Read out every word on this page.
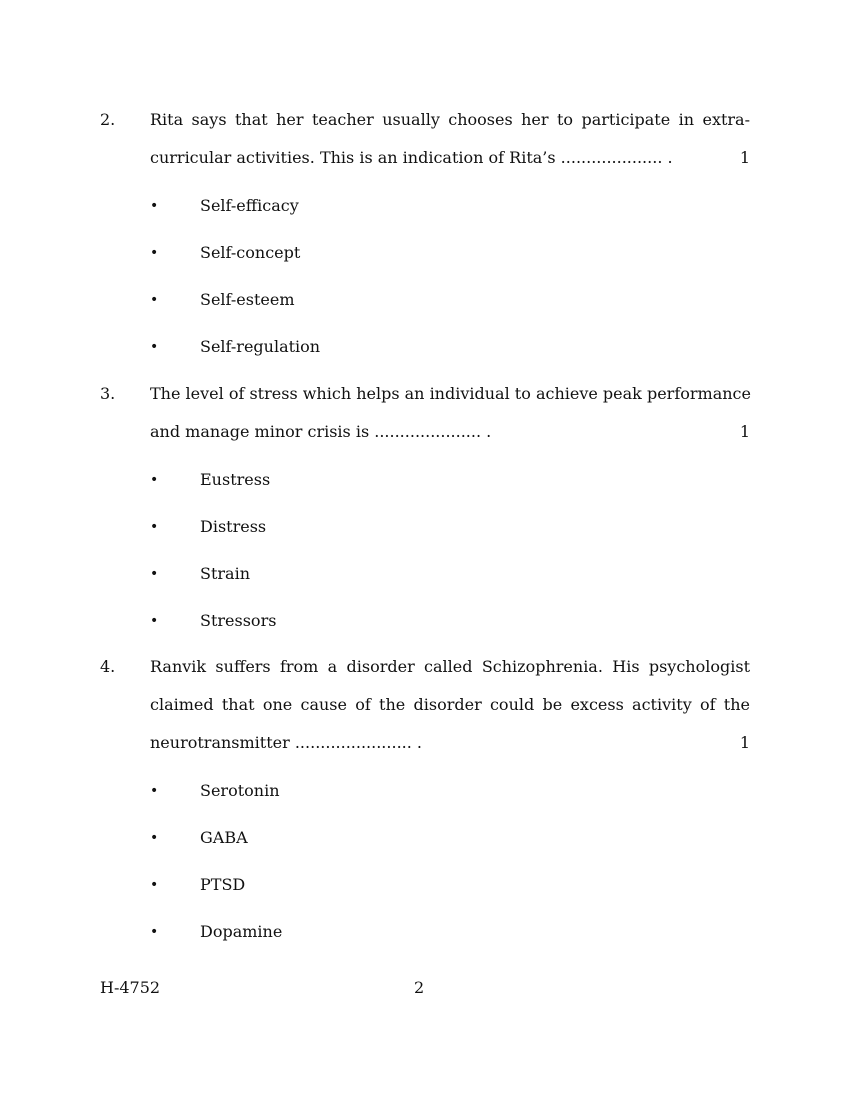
2. Rita says that her teacher usually chooses her to participate in extra-
curricular activities. This is an indication of Rita’s .................... .	1
•	Self-efficacy
•	Self-concept
•	Self-esteem
•	Self-regulation
3. The level of stress which helps an individual to achieve peak performance
and manage minor crisis is ..................... .	1
•	Eustress
•	Distress
•	Strain
•	Stressors
4. Ranvik suffers from a disorder called Schizophrenia. His psychologist
claimed that one cause of the disorder could be excess activity of the
neurotransmitter ....................... .	1
•	Serotonin
•	GABA
•	PTSD
•	Dopamine
H-4752	2
